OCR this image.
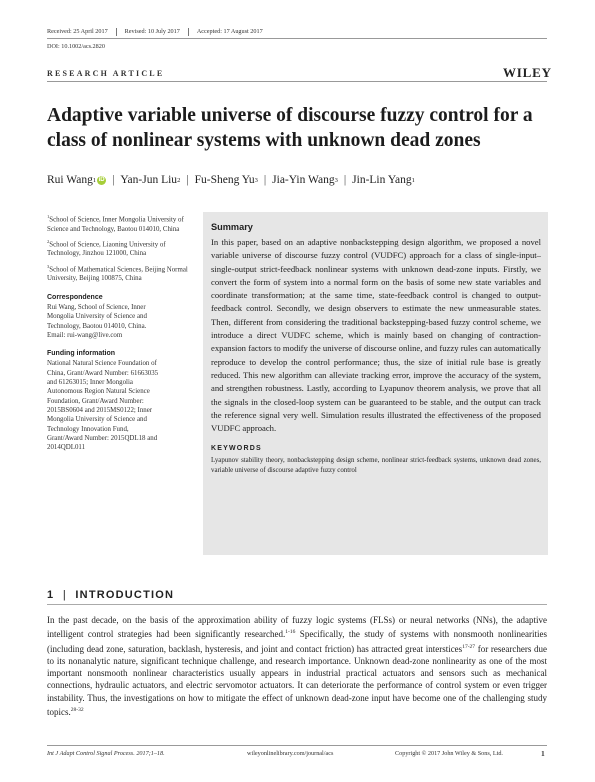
Received: 25 April 2017	Revised: 10 July 2017	Accepted: 17 August 2017
DOI: 10.1002/acs.2820
RESEARCH ARTICLE	WILEY
Adaptive variable universe of discourse fuzzy control for a class of nonlinear systems with unknown dead zones
Rui Wang 1 iD | Yan-Jun Liu 2 | Fu-Sheng Yu 3 | Jia-Yin Wang 3 | Jin-Lin Yang 1

$^1$School of Science, Inner Mongolia University of Science and Technology, Baotou 014010, China

$^2$School of Science, Liaoning University of Technology, Jinzhou 121000, China

$^3$School of Mathematical Sciences, Beijing Normal University, Beijing 100875, China

Correspondence
Rui Wang, School of Science, Inner
Mongolia University of Science and
Technology, Baotou 014010, China.
Email: rui-wang@live.com
Funding information
National Natural Science Foundation of
China, Grant/Award Number: 61663035
and 61263015; Inner Mongolia
Autonomous Region Natural Science
Foundation, Grant/Award Number:
2015BS0604 and 2015MS0122; Inner
Mongolia University of Science and
Technology Innovation Fund,
Grant/Award Number: 2015QDL18 and
2014QDL011
Summary
In this paper, based on an adaptive nonbackstepping design algorithm, we proposed a novel variable universe of discourse fuzzy control (VUDFC) approach for a class of single-input–single-output strict-feedback nonlinear systems with unknown dead-zone inputs. Firstly, we convert the form of system into a normal form on the basis of some new state variables and coordinate transformation; at the same time, state-feedback control is changed to output-feedback control. Secondly, we design observers to estimate the new unmeasurable states. Then, different from considering the traditional backstepping-based fuzzy control scheme, we introduce a direct VUDFC scheme, which is mainly based on changing of contraction-expansion factors to modify the universe of discourse online, and fuzzy rules can automatically reproduce to develop the control performance; thus, the size of initial rule base is greatly reduced. This new algorithm can alleviate tracking error, improve the accuracy of the system, and strengthen robustness. Lastly, according to Lyapunov theorem analysis, we prove that all the signals in the closed-loop system can be guaranteed to be stable, and the output can track the reference signal very well. Simulation results illustrated the effectiveness of the proposed VUDFC approach.
KEYWORDS
Lyapunov stability theory, nonbackstepping design scheme, nonlinear strict-feedback systems, unknown dead zones, variable universe of discourse adaptive fuzzy control
1  |  INTRODUCTION
In the past decade, on the basis of the approximation ability of fuzzy logic systems (FLSs) or neural networks (NNs), the adaptive intelligent control strategies had been significantly researched.$^{1-16}$ Specifically, the study of systems with nonsmooth nonlinearities (including dead zone, saturation, backlash, hysteresis, and joint and contact friction) has attracted great interstices$^{17-27}$ for researchers due to its nonanalytic nature, significant technique challenge, and research importance. Unknown dead-zone nonlinearity as one of the most important nonsmooth nonlinear characteristics usually appears in industrial practical actuators and sensors such as mechanical connections, hydraulic actuators, and electric servomotor actuators. It can deteriorate the performance of control system or even trigger instability. Thus, the investigations on how to mitigate the effect of unknown dead-zone input have become one of the challenging study topics.$^{28-32}$
Int J Adapt Control Signal Process. 2017;1–18.	wileyonlinelibrary.com/journal/acs	Copyright © 2017 John Wiley & Sons, Ltd.	1
